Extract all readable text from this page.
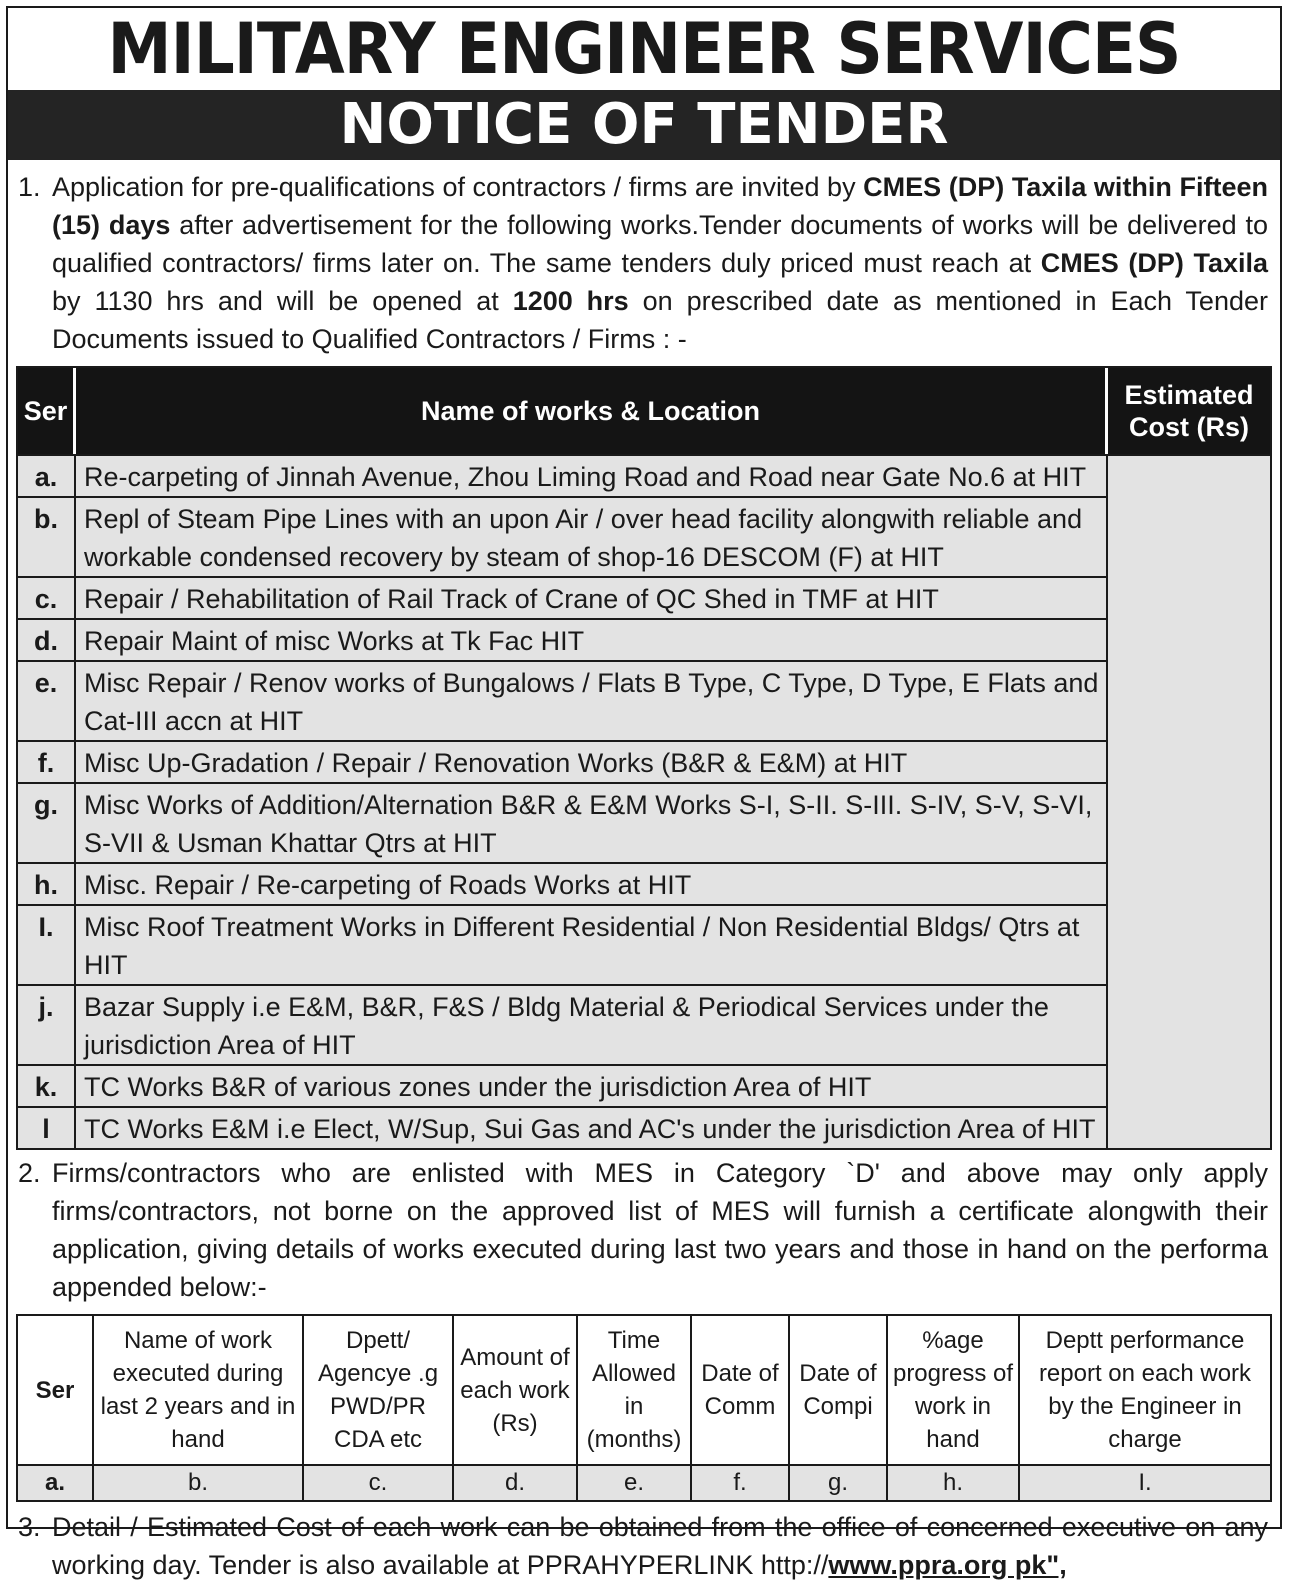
MILITARY ENGINEER SERVICES
NOTICE OF TENDER
1. Application for pre-qualifications of contractors / firms are invited by CMES (DP) Taxila within Fifteen (15) days after advertisement for the following works.Tender documents of works will be delivered to qualified contractors/ firms later on. The same tenders duly priced must reach at CMES (DP) Taxila by 1130 hrs and will be opened at 1200 hrs on prescribed date as mentioned in Each Tender Documents issued to Qualified Contractors / Firms : -
Ser	Name of works & Location	Estimated
Cost (Rs)
a.	Re-carpeting of Jinnah Avenue, Zhou Liming Road and Road near Gate No.6 at HIT	
b.	Repl of Steam Pipe Lines with an upon Air / over head facility alongwith reliable and workable condensed recovery by steam of shop-16 DESCOM (F) at HIT	
c.	Repair / Rehabilitation of Rail Track of Crane of QC Shed in TMF at HIT	
d.	Repair Maint of misc Works at Tk Fac HIT	
e.	Misc Repair / Renov works of Bungalows / Flats B Type, C Type, D Type, E Flats and Cat-III accn at HIT	
f.	Misc Up-Gradation / Repair / Renovation Works (B&R & E&M) at HIT	
g.	Misc Works of Addition/Alternation B&R & E&M Works S-I, S-II. S-III. S-IV, S-V, S-VI, S-VII & Usman Khattar Qtrs at HIT	
h.	Misc. Repair / Re-carpeting of Roads Works at HIT	
I.	Misc Roof Treatment Works in Different Residential / Non Residential Bldgs/ Qtrs at HIT	
j.	Bazar Supply i.e E&M, B&R, F&S / Bldg Material & Periodical Services under the jurisdiction Area of HIT	
k.	TC Works B&R of various zones under the jurisdiction Area of HIT	
l	TC Works E&M i.e Elect, W/Sup, Sui Gas and AC's under the jurisdiction Area of HIT	
2. Firms/contractors who are enlisted with MES in Category `D' and above may only apply firms/contractors, not borne on the approved list of MES will furnish a certificate alongwith their application, giving details of works executed during last two years and those in hand on the performa appended below:-
Ser	Name of work executed during last 2 years and in hand	Dpett/ Agencye .g PWD/PR CDA etc	Amount of each work (Rs)	Time Allowed in (months)	Date of Comm	Date of Compi	%age progress of work in hand	Deptt performance report on each work by the Engineer in charge
a.	b.	c.	d.	e.	f.	g.	h.	I.
3. Detail / Estimated Cost of each work can be obtained from the office of concerned executive on any working day. Tender is also available at PPRAHYPERLINK http://www.ppra.org pk",
